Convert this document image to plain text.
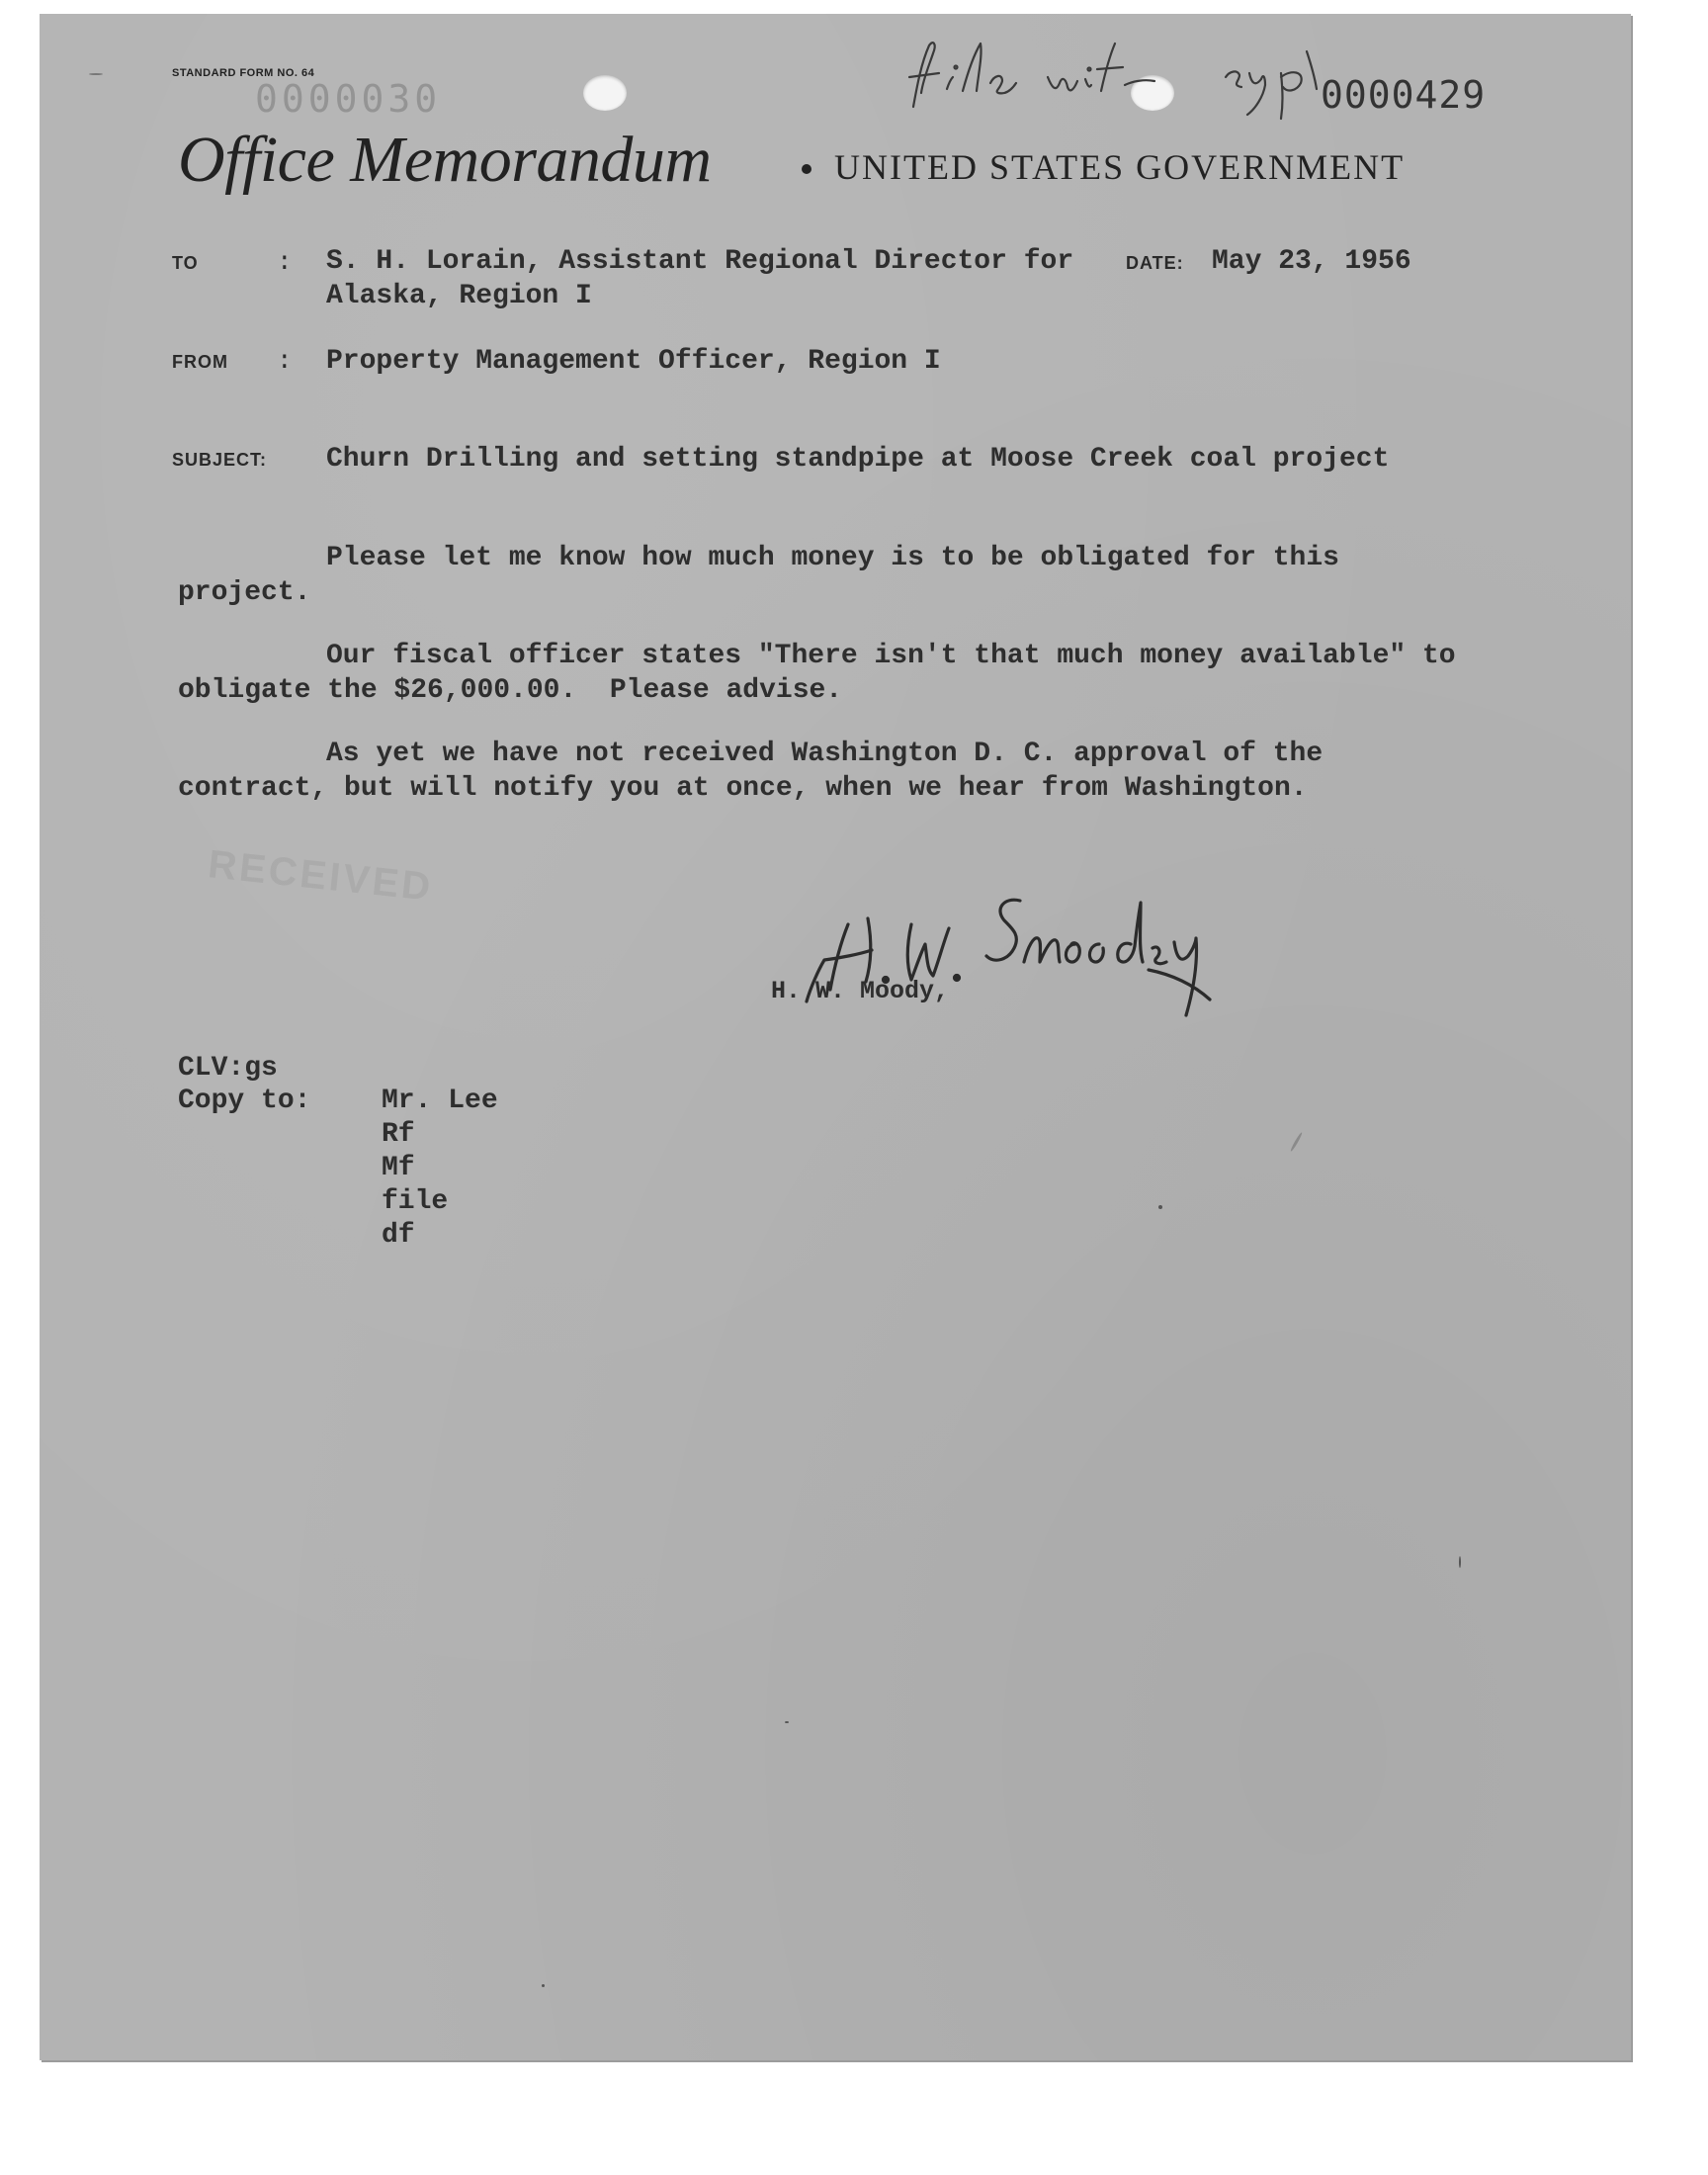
STANDARD FORM NO. 64
0000030	0000429
Office Memorandum	UNITED STATES GOVERNMENT
TO	: S. H. Lorain, Assistant Regional Director for
Alaska, Region I
DATE: May 23, 1956
FROM : Property Management Officer, Region I
SUBJECT: Churn Drilling and setting standpipe at Moose Creek coal project
Please let me know how much money is to be obligated for this project.
Our fiscal officer states "There isn't that much money available" to obligate the $26,000.00.  Please advise.
As yet we have not received Washington D. C. approval of the contract, but will notify you at once, when we hear from Washington.
RECEIVED
H. W. Moody,
CLV:gs
Copy to:	Mr. Lee
Rf
Mf
file
df
